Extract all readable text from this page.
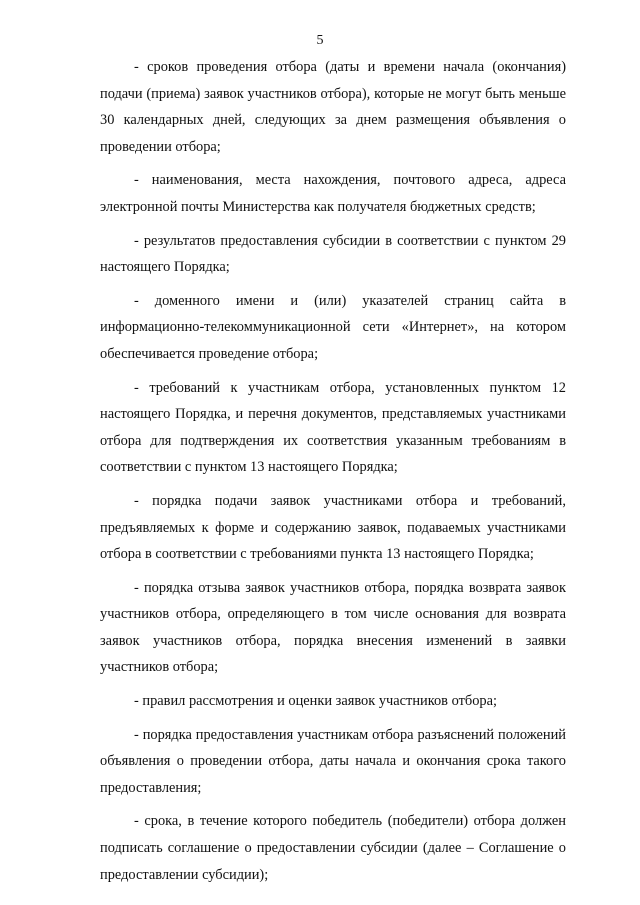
5

- сроков проведения отбора (даты и времени начала (окончания) подачи (приема) заявок участников отбора), которые не могут быть меньше 30 календарных дней, следующих за днем размещения объявления о проведении отбора;

- наименования, места нахождения, почтового адреса, адреса электронной почты Министерства как получателя бюджетных средств;

- результатов предоставления субсидии в соответствии с пунктом 29 настоящего Порядка;

- доменного имени и (или) указателей страниц сайта в информационно-телекоммуникационной сети «Интернет», на котором обеспечивается проведение отбора;

- требований к участникам отбора, установленных пунктом 12 настоящего Порядка, и перечня документов, представляемых участниками отбора для подтверждения их соответствия указанным требованиям в соответствии с пунктом 13 настоящего Порядка;

- порядка подачи заявок участниками отбора и требований, предъявляемых к форме и содержанию заявок, подаваемых участниками отбора в соответствии с требованиями пункта 13 настоящего Порядка;

- порядка отзыва заявок участников отбора, порядка возврата заявок участников отбора, определяющего в том числе основания для возврата заявок участников отбора, порядка внесения изменений в заявки участников отбора;

- правил рассмотрения и оценки заявок участников отбора;

- порядка предоставления участникам отбора разъяснений положений объявления о проведении отбора, даты начала и окончания срока такого предоставления;

- срока, в течение которого победитель (победители) отбора должен подписать соглашение о предоставлении субсидии (далее – Соглашение о предоставлении субсидии);
